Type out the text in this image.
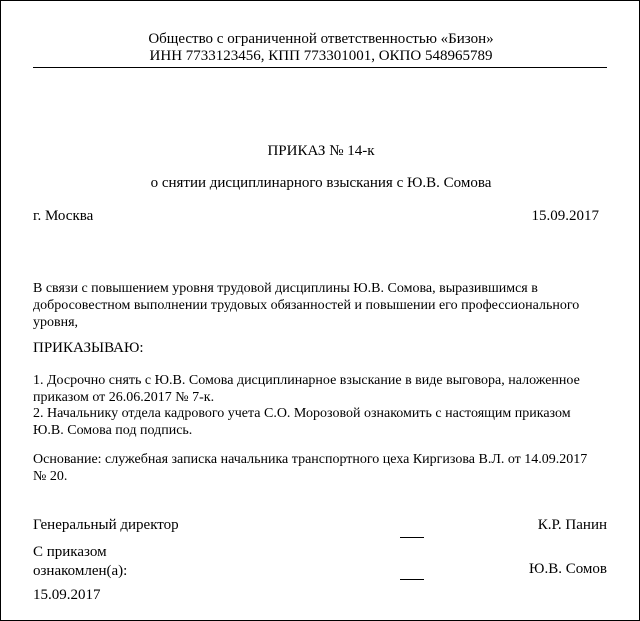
Общество с ограниченной ответственностью «Бизон»
ИНН 7733123456, КПП 773301001, ОКПО 548965789
ПРИКАЗ № 14-к
о снятии дисциплинарного взыскания с Ю.В. Сомова
г. Москва	15.09.2017
В связи с повышением уровня трудовой дисциплины Ю.В. Сомова, выразившимся в добросовестном выполнении трудовых обязанностей и повышении его профессионального уровня,
ПРИКАЗЫВАЮ:
1. Досрочно снять с Ю.В. Сомова дисциплинарное взыскание в виде выговора, наложенное приказом от 26.06.2017 № 7-к.
2. Начальнику отдела кадрового учета С.О. Морозовой ознакомить с настоящим приказом Ю.В. Сомова под подпись.
Основание: служебная записка начальника транспортного цеха Киргизова В.Л. от 14.09.2017 № 20.
Генеральный директор	К.Р. Панин
С приказом
ознакомлен(а):	Ю.В. Сомов
15.09.2017
